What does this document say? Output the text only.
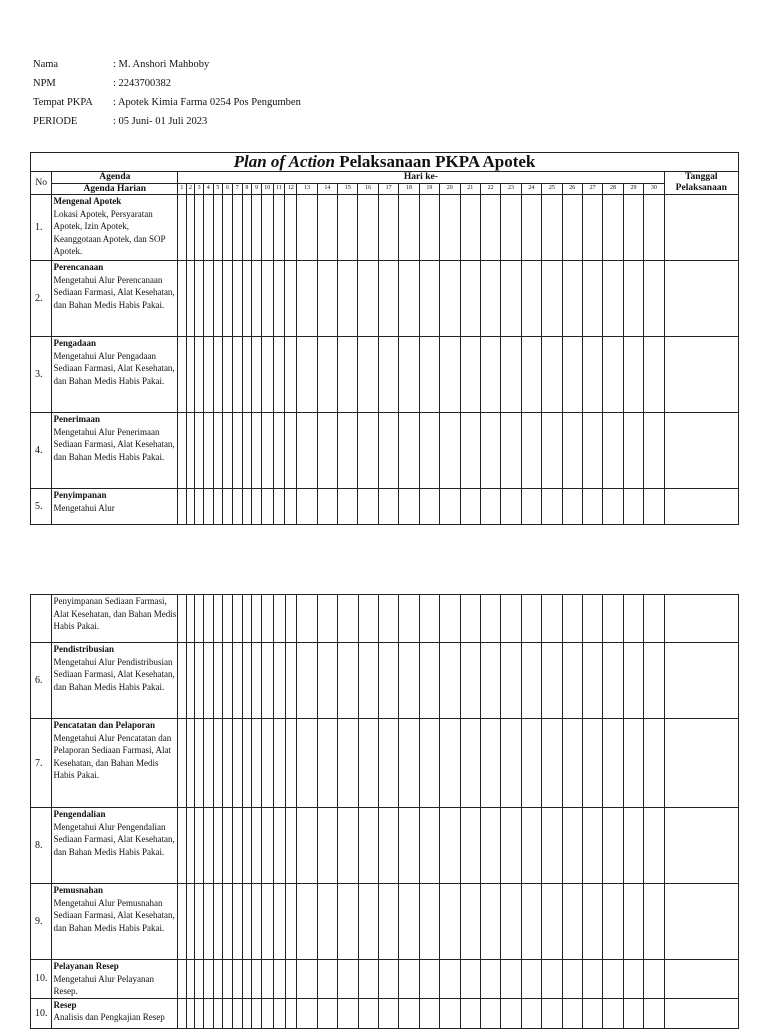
Nama	: M. Anshori Mahboby
NPM	: 2243700382
Tempat PKPA	: Apotek Kimia Farma 0254 Pos Pengumben
PERIODE	: 05 Juni- 01 Juli 2023
Plan of Action Pelaksanaan PKPA Apotek																																
No	Agenda	Hari ke-																														Tanggal Pelaksanaan
	Agenda Harian	1	2	3	4	5	6	7	8	9	10	11	12	13	14	15	16	17	18	19	20	21	22	23	24	25	26	27	28	29	30	
1.	Mengenal Apotek
Lokasi Apotek, Persyaratan Apotek, Izin Apotek, Keanggotaan Apotek, dan SOP Apotek.																															

2.	Perencanaan
Mengetahui Alur Perencanaan Sediaan Farmasi, Alat Kesehatan, dan Bahan Medis Habis Pakai.																															

3.	Pengadaan
Mengetahui Alur Pengadaan Sediaan Farmasi, Alat Kesehatan, dan Bahan Medis Habis Pakai.																															

4.	Penerimaan
Mengetahui Alur Penerimaan Sediaan Farmasi, Alat Kesehatan, dan Bahan Medis Habis Pakai.																															

5.	Penyimpanan
Mengetahui Alur																															

	Penyimpanan Sediaan Farmasi, Alat Kesehatan, dan Bahan Medis Habis Pakai.																															

6.	Pendistribusian
Mengetahui Alur Pendistribusian Sediaan Farmasi, Alat Kesehatan, dan Bahan Medis Habis Pakai.																															

7.	Pencatatan dan Pelaporan
Mengetahui Alur Pencatatan dan Pelaporan Sediaan Farmasi, Alat Kesehatan, dan Bahan Medis Habis Pakai.																															

8.	Pengendalian
Mengetahui Alur Pengendalian Sediaan Farmasi, Alat Kesehatan, dan Bahan Medis Habis Pakai.																															

9.	Pemusnahan
Mengetahui Alur Pemusnahan Sediaan Farmasi, Alat Kesehatan, dan Bahan Medis Habis Pakai.																															

10.	Pelayanan Resep
Mengetahui Alur Pelayanan Resep.																															

10.	Resep
Analisis dan Pengkajian Resep																															
